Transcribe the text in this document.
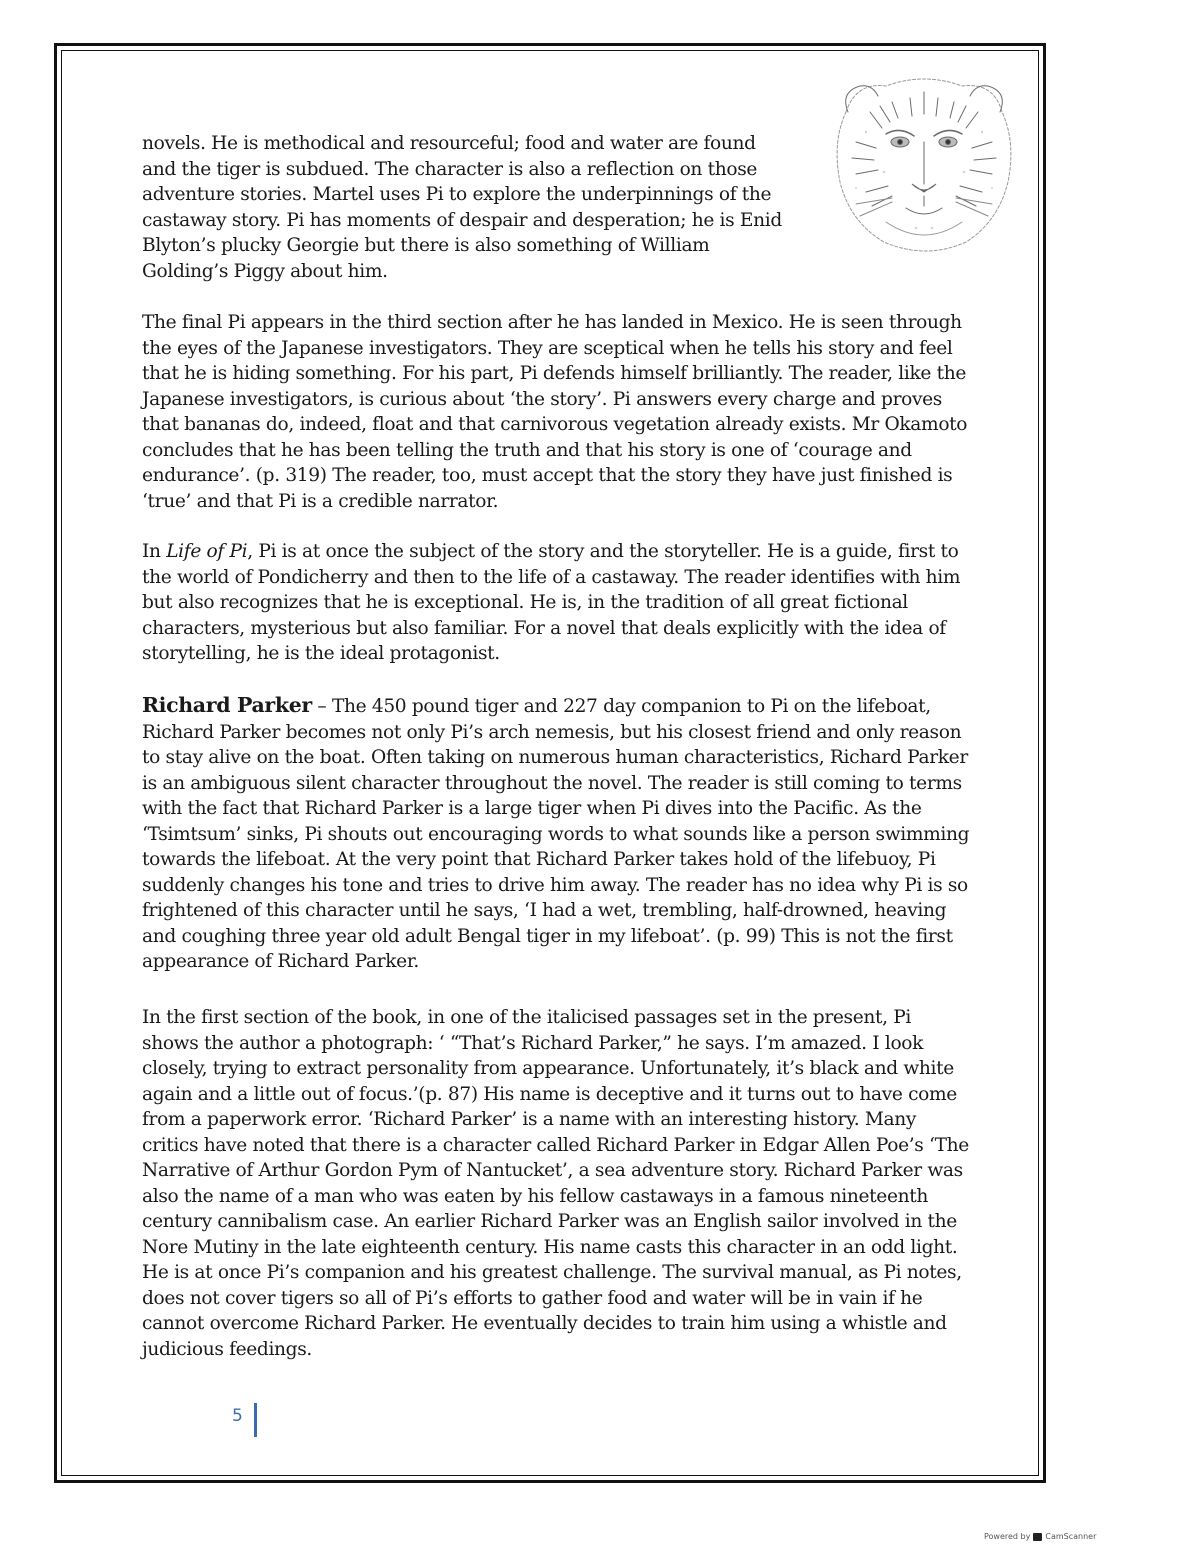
novels. He is methodical and resourceful; food and water are found and the tiger is subdued. The character is also a reflection on those adventure stories. Martel uses Pi to explore the underpinnings of the castaway story. Pi has moments of despair and desperation; he is Enid Blyton’s plucky Georgie but there is also something of William Golding’s Piggy about him.

The final Pi appears in the third section after he has landed in Mexico. He is seen through the eyes of the Japanese investigators. They are sceptical when he tells his story and feel that he is hiding something. For his part, Pi defends himself brilliantly. The reader, like the Japanese investigators, is curious about ‘the story’. Pi answers every charge and proves that bananas do, indeed, float and that carnivorous vegetation already exists. Mr Okamoto concludes that he has been telling the truth and that his story is one of ‘courage and endurance’. (p. 319) The reader, too, must accept that the story they have just finished is ‘true’ and that Pi is a credible narrator.

In Life of Pi, Pi is at once the subject of the story and the storyteller. He is a guide, first to the world of Pondicherry and then to the life of a castaway. The reader identifies with him but also recognizes that he is exceptional. He is, in the tradition of all great fictional characters, mysterious but also familiar. For a novel that deals explicitly with the idea of storytelling, he is the ideal protagonist.

Richard Parker – The 450 pound tiger and 227 day companion to Pi on the lifeboat, Richard Parker becomes not only Pi’s arch nemesis, but his closest friend and only reason to stay alive on the boat. Often taking on numerous human characteristics, Richard Parker is an ambiguous silent character throughout the novel. The reader is still coming to terms with the fact that Richard Parker is a large tiger when Pi dives into the Pacific. As the ‘Tsimtsum’ sinks, Pi shouts out encouraging words to what sounds like a person swimming towards the lifeboat. At the very point that Richard Parker takes hold of the lifebuoy, Pi suddenly changes his tone and tries to drive him away. The reader has no idea why Pi is so frightened of this character until he says, ‘I had a wet, trembling, half-drowned, heaving and coughing three year old adult Bengal tiger in my lifeboat’. (p. 99) This is not the first appearance of Richard Parker.

In the first section of the book, in one of the italicised passages set in the present, Pi shows the author a photograph: ‘ “That’s Richard Parker,” he says. I’m amazed. I look closely, trying to extract personality from appearance. Unfortunately, it’s black and white again and a little out of focus.’(p. 87) His name is deceptive and it turns out to have come from a paperwork error. ‘Richard Parker’ is a name with an interesting history. Many critics have noted that there is a character called Richard Parker in Edgar Allen Poe’s ‘The Narrative of Arthur Gordon Pym of Nantucket’, a sea adventure story. Richard Parker was also the name of a man who was eaten by his fellow castaways in a famous nineteenth century cannibalism case. An earlier Richard Parker was an English sailor involved in the Nore Mutiny in the late eighteenth century. His name casts this character in an odd light. He is at once Pi’s companion and his greatest challenge. The survival manual, as Pi notes, does not cover tigers so all of Pi’s efforts to gather food and water will be in vain if he cannot overcome Richard Parker. He eventually decides to train him using a whistle and judicious feedings.

5
Powered by CamScanner
